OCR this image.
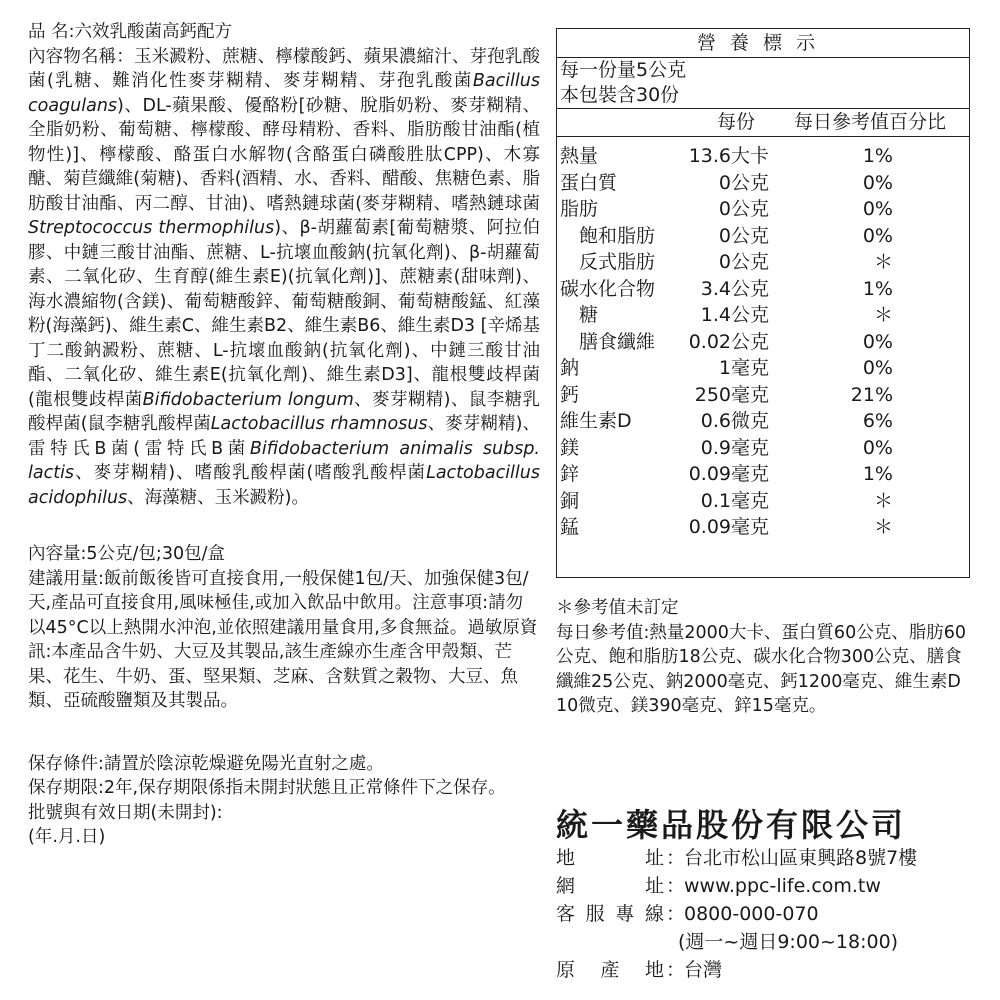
品 名:六效乳酸菌高鈣配方

內容物名稱：玉米澱粉、蔗糖、檸檬酸鈣、蘋果濃縮汁、芽孢乳酸菌(乳糖、難消化性麥芽糊精、麥芽糊精、芽孢乳酸菌Bacillus coagulans)、DL-蘋果酸、優酪粉[砂糖、脫脂奶粉、麥芽糊精、全脂奶粉、葡萄糖、檸檬酸、酵母精粉、香料、脂肪酸甘油酯(植物性)]、檸檬酸、酪蛋白水解物(含酪蛋白磷酸胜肽CPP)、木寡醣、菊苣纖維(菊糖)、香料(酒精、水、香料、醋酸、焦糖色素、脂肪酸甘油酯、丙二醇、甘油)、嗜熱鏈球菌(麥芽糊精、嗜熱鏈球菌Streptococcus thermophilus)、β-胡蘿蔔素[葡萄糖漿、阿拉伯膠、中鏈三酸甘油酯、蔗糖、L-抗壞血酸鈉(抗氧化劑)、β-胡蘿蔔素、二氧化矽、生育醇(維生素E)(抗氧化劑)]、蔗糖素(甜味劑)、海水濃縮物(含鎂)、葡萄糖酸鋅、葡萄糖酸銅、葡萄糖酸錳、紅藻粉(海藻鈣)、維生素C、維生素B2、維生素B6、維生素D3 [辛烯基丁二酸鈉澱粉、蔗糖、L-抗壞血酸鈉(抗氧化劑)、中鏈三酸甘油酯、二氧化矽、維生素E(抗氧化劑)、維生素D3]、龍根雙歧桿菌(龍根雙歧桿菌Bifidobacterium longum、麥芽糊精)、鼠李糖乳酸桿菌(鼠李糖乳酸桿菌Lactobacillus rhamnosus、麥芽糊精)、雷特氏B菌(雷特氏B菌Bifidobacterium animalis subsp. lactis、麥芽糊精)、嗜酸乳酸桿菌(嗜酸乳酸桿菌Lactobacillus acidophilus、海藻糖、玉米澱粉)。

內容量:5公克/包;30包/盒

建議用量:飯前飯後皆可直接食用,一般保健1包/天、加強保健3包/天,產品可直接食用,風味極佳,或加入飲品中飲用。注意事項:請勿以45°C以上熱開水沖泡,並依照建議用量食用,多食無益。過敏原資訊:本產品含牛奶、大豆及其製品,該生產線亦生產含甲殼類、芒果、花生、牛奶、蛋、堅果類、芝麻、含麩質之穀物、大豆、魚類、亞硫酸鹽類及其製品。

保存條件:請置於陰涼乾燥避免陽光直射之處。

保存期限:2年,保存期限係指未開封狀態且正常條件下之保存。

批號與有效日期(未開封):

(年.月.日)

營養標示
每一份量5公克
本包裝含30份
每份 每日參考值百分比
熱量	13.6大卡	1%
蛋白質	0公克	0%
脂肪	0公克	0%
飽和脂肪	0公克	0%
反式脂肪	0公克	＊
碳水化合物 3.4公克	1%
糖	1.4公克	＊
膳食纖維 0.02公克	0%
鈉	1毫克	0%
鈣	250毫克	21%
維生素D	0.6微克	6%
鎂	0.9毫克	0%
鋅	0.09毫克	1%
銅	0.1毫克	＊
錳	0.09毫克	＊

＊參考值未訂定

每日參考值:熱量2000大卡、蛋白質60公克、脂肪60公克、飽和脂肪18公克、碳水化合物300公克、膳食纖維25公克、鈉2000毫克、鈣1200毫克、維生素D 10微克、鎂390毫克、鋅15毫克。

統一藥品股份有限公司
地	址 ：
台北市松山區東興路8號7樓
網	址 ：
www.ppc-life.com.tw
客 服 專 線 ：
0800-000-070
(週一~週日9:00~18:00)
原 產 地 ：
台灣
